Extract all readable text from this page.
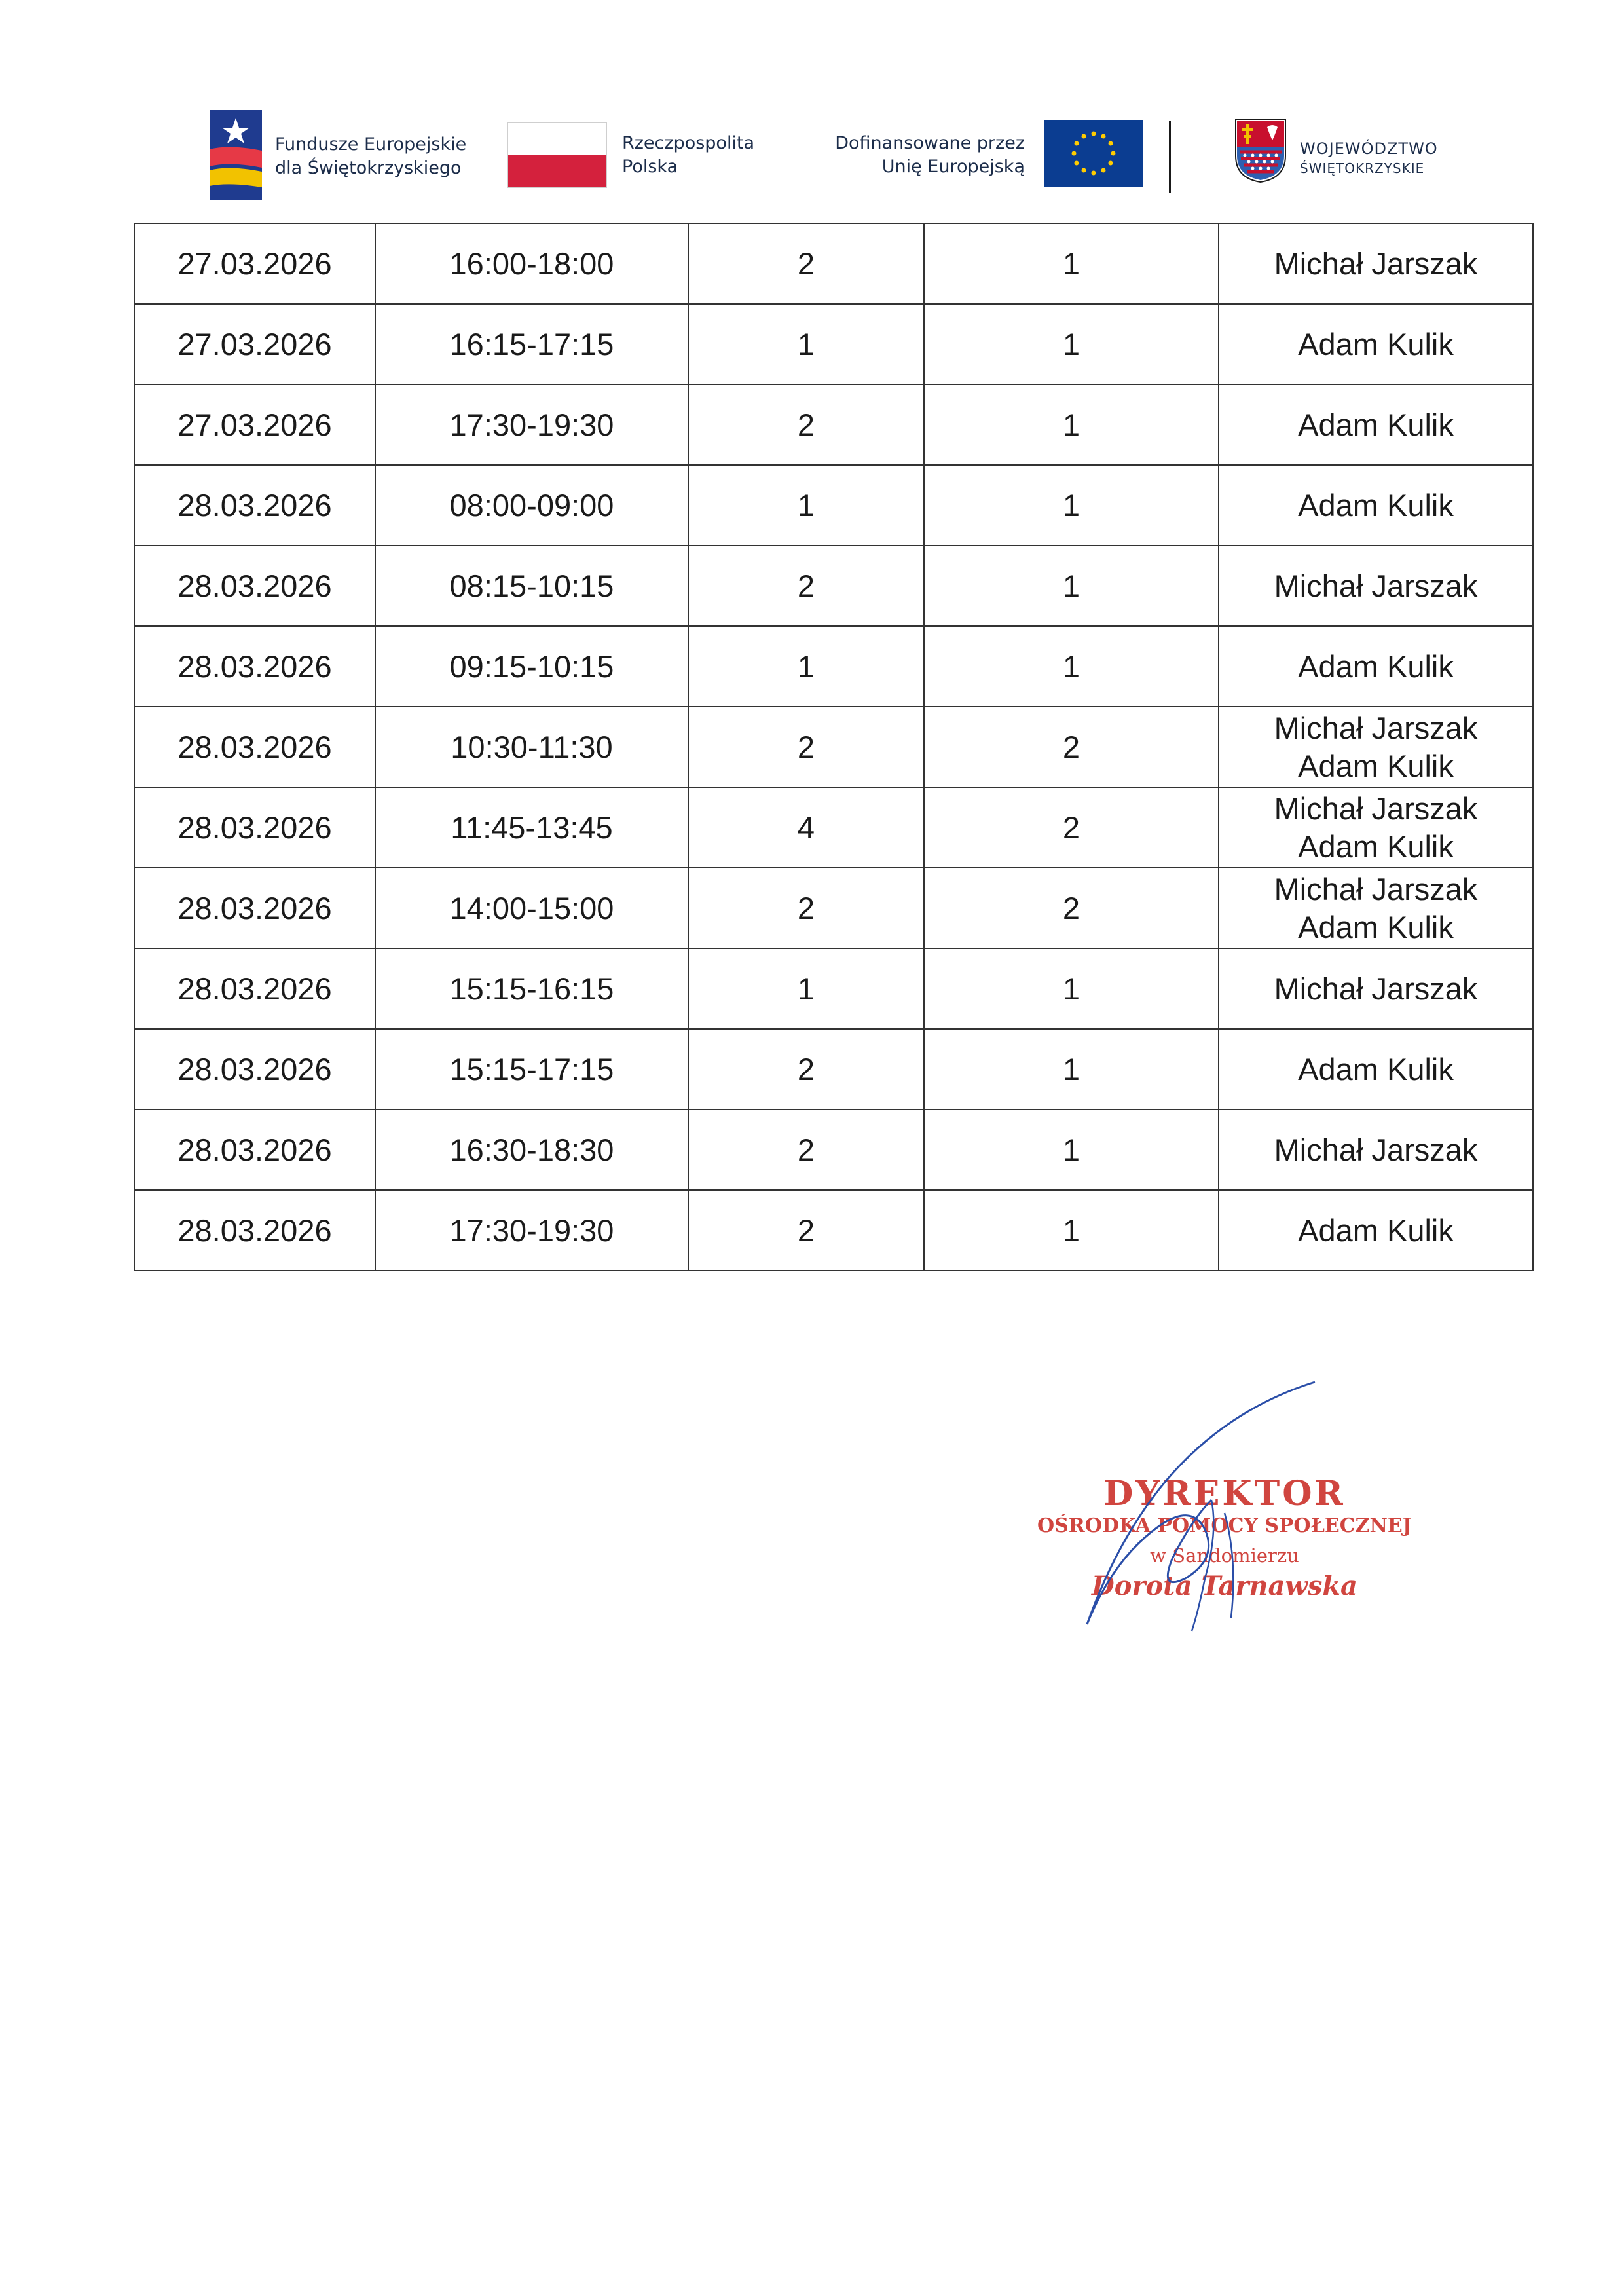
Fundusze Europejskie
dla Świętokrzyskiego
Rzeczpospolita
Polska
Dofinansowane przez
Unię Europejską
WOJEWÓDZTWO
ŚWIĘTOKRZYSKIE
27.03.2026	16:00-18:00	2	1	Michał Jarszak

27.03.2026	16:15-17:15	1	1	Adam Kulik

27.03.2026	17:30-19:30	2	1	Adam Kulik

28.03.2026	08:00-09:00	1	1	Adam Kulik

28.03.2026	08:15-10:15	2	1	Michał Jarszak

28.03.2026	09:15-10:15	1	1	Adam Kulik

28.03.2026	10:30-11:30	2	2	Michał Jarszak
Adam Kulik

28.03.2026	11:45-13:45	4	2	Michał Jarszak
Adam Kulik

28.03.2026	14:00-15:00	2	2	Michał Jarszak
Adam Kulik

28.03.2026	15:15-16:15	1	1	Michał Jarszak

28.03.2026	15:15-17:15	2	1	Adam Kulik

28.03.2026	16:30-18:30	2	1	Michał Jarszak

28.03.2026	17:30-19:30	2	1	Adam Kulik
DYREKTOR
OŚRODKA POMOCY SPOŁECZNEJ
w Sandomierzu
Dorota Tarnawska
